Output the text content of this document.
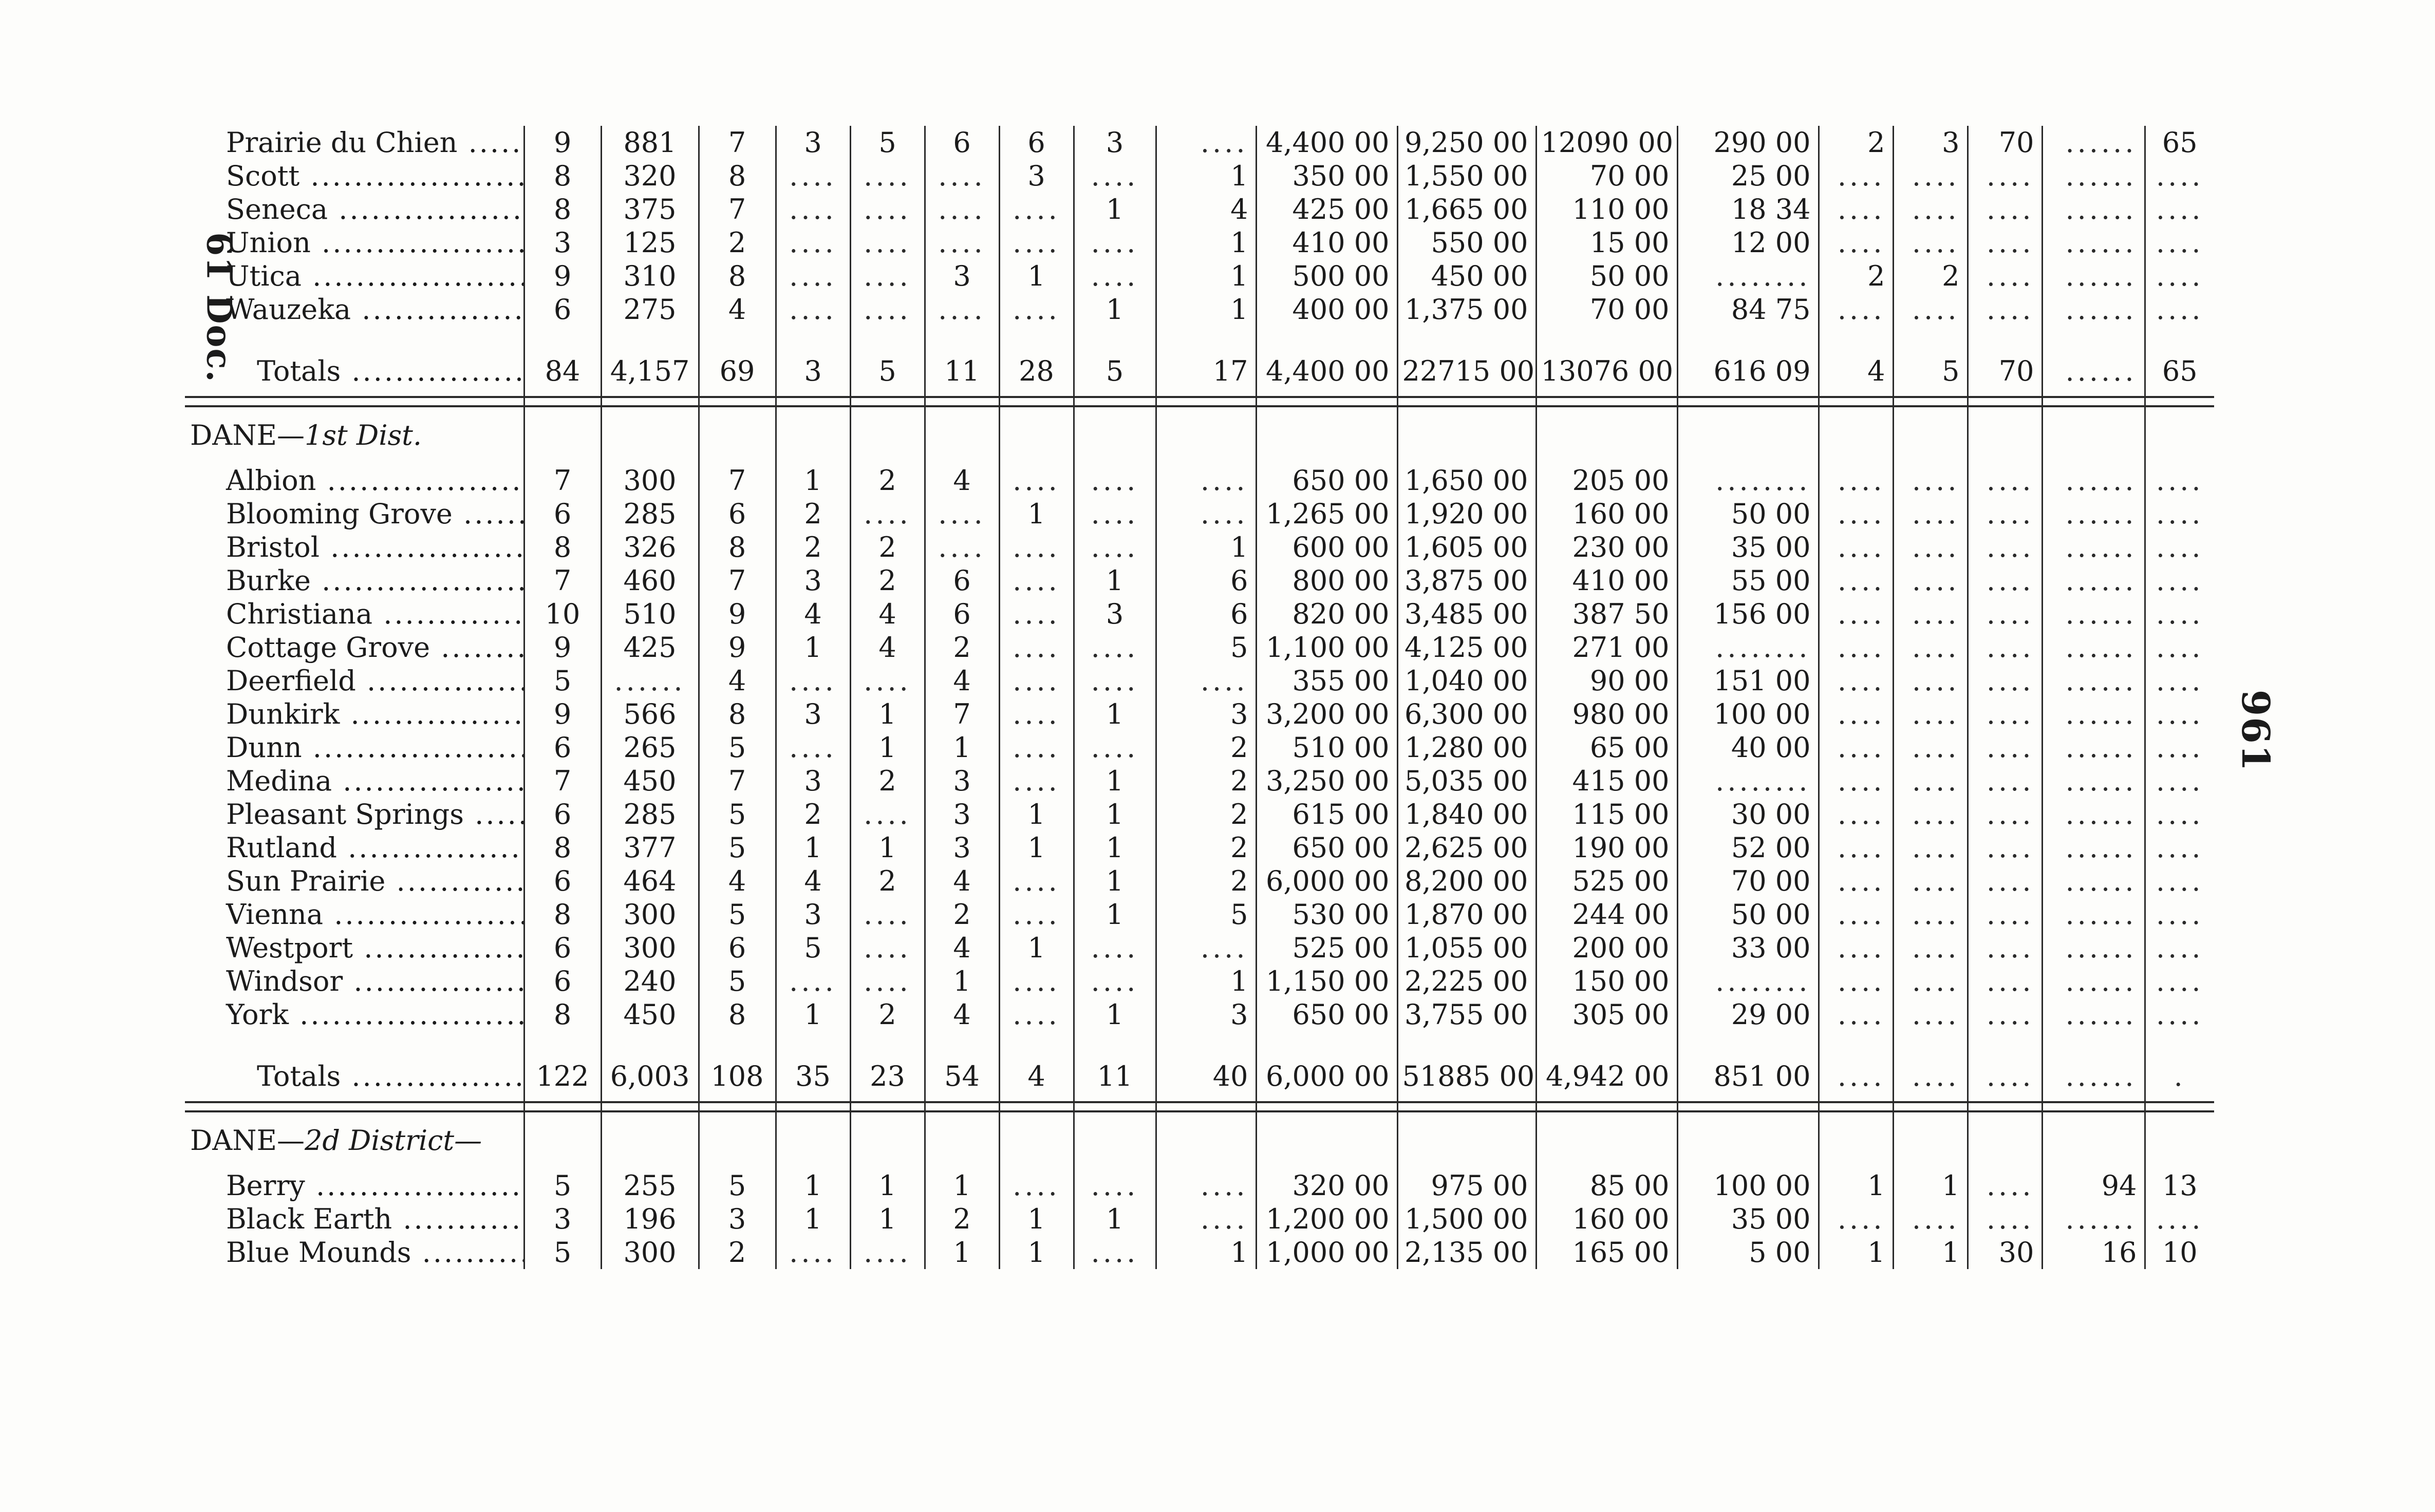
61 Doc.
961
Prairie du Chien .....	9	881	7	3	5	6	6	3	....	4,400 00	9,250 00	12090 00	290 00	2	3	70	......	65
Scott .....	8	320	8	....	....	....	3	....	1	350 00	1,550 00	70 00	25 00	....	....	....	......	....
Seneca .....	8	375	7	....	....	....	....	1	4	425 00	1,665 00	110 00	18 34	....	....	....	......	....
Union .....	3	125	2	....	....	....	....	....	1	410 00	550 00	15 00	12 00	....	....	....	......	....
Utica .....	9	310	8	....	....	3	1	....	1	500 00	450 00	50 00	........	2	2	....	......	....
Wauzeka .....	6	275	4	....	....	....	....	1	1	400 00	1,375 00	70 00	84 75	....	....	....	......	....

Totals .....	84	4,157	69	3	5	11	28	5	17	4,400 00	22715 00	13076 00	616 09	4	5	70	......	65

DANE—1st Dist.																		
Albion .....	7	300	7	1	2	4	....	....	....	650 00	1,650 00	205 00	........	....	....	....	......	....
Blooming Grove .....	6	285	6	2	....	....	1	....	....	1,265 00	1,920 00	160 00	50 00	....	....	....	......	....
Bristol .....	8	326	8	2	2	....	....	....	1	600 00	1,605 00	230 00	35 00	....	....	....	......	....
Burke .....	7	460	7	3	2	6	....	1	6	800 00	3,875 00	410 00	55 00	....	....	....	......	....
Christiana .....	10	510	9	4	4	6	....	3	6	820 00	3,485 00	387 50	156 00	....	....	....	......	....
Cottage Grove .....	9	425	9	1	4	2	....	....	5	1,100 00	4,125 00	271 00	........	....	....	....	......	....
Deerfield .....	5	......	4	....	....	4	....	....	....	355 00	1,040 00	90 00	151 00	....	....	....	......	....
Dunkirk .....	9	566	8	3	1	7	....	1	3	3,200 00	6,300 00	980 00	100 00	....	....	....	......	....
Dunn .....	6	265	5	....	1	1	....	....	2	510 00	1,280 00	65 00	40 00	....	....	....	......	....
Medina .....	7	450	7	3	2	3	....	1	2	3,250 00	5,035 00	415 00	........	....	....	....	......	....
Pleasant Springs .....	6	285	5	2	....	3	1	1	2	615 00	1,840 00	115 00	30 00	....	....	....	......	....
Rutland .....	8	377	5	1	1	3	1	1	2	650 00	2,625 00	190 00	52 00	....	....	....	......	....
Sun Prairie .....	6	464	4	4	2	4	....	1	2	6,000 00	8,200 00	525 00	70 00	....	....	....	......	....
Vienna .....	8	300	5	3	....	2	....	1	5	530 00	1,870 00	244 00	50 00	....	....	....	......	....
Westport .....	6	300	6	5	....	4	1	....	....	525 00	1,055 00	200 00	33 00	....	....	....	......	....
Windsor .....	6	240	5	....	....	1	....	....	1	1,150 00	2,225 00	150 00	........	....	....	....	......	....
York .....	8	450	8	1	2	4	....	1	3	650 00	3,755 00	305 00	29 00	....	....	....	......	....

Totals .....	122	6,003	108	35	23	54	4	11	40	6,000 00	51885 00	4,942 00	851 00	....	....	....	......	.

DANE—2d District—																		
Berry .....	5	255	5	1	1	1	....	....	....	320 00	975 00	85 00	100 00	1	1	....	94	13
Black Earth .....	3	196	3	1	1	2	1	1	....	1,200 00	1,500 00	160 00	35 00	....	....	....	......	....
Blue Mounds .....	5	300	2	....	....	1	1	....	1	1,000 00	2,135 00	165 00	5 00	1	1	30	16	10
